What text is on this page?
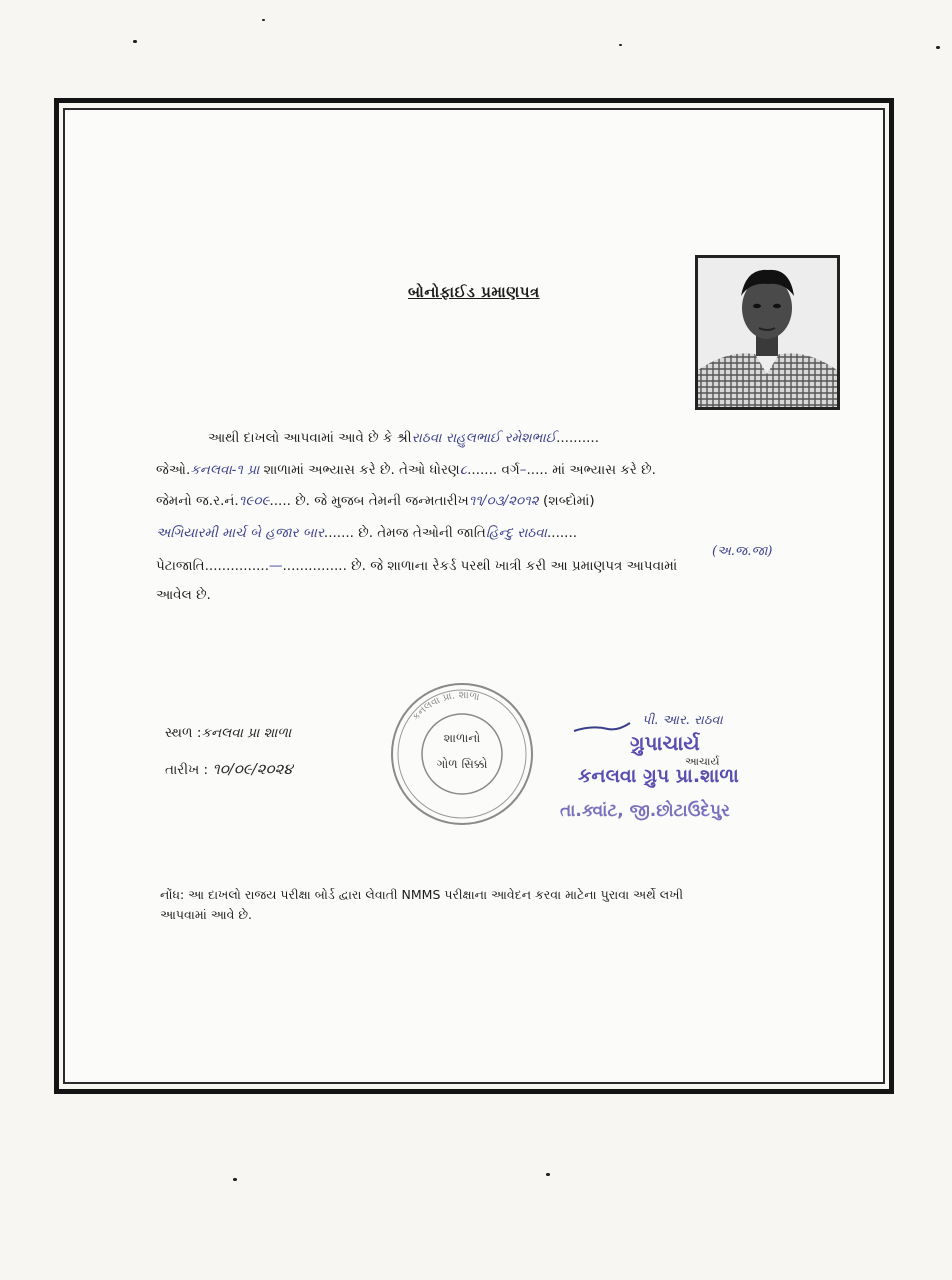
બોનોફાઈડ પ્રમાણપત્ર
આથી દાખલો આપવામાં આવે છે કે શ્રીરાઠવા રાહુલભાઈ રમેશભાઈ..........
જેઓ.કનલવા-૧ પ્રા શાળામાં અભ્યાસ કરે છે. તેઓ ધોરણ૮....... વર્ગ–..... માં અભ્યાસ કરે છે.
જેમનો જ.ર.નં.૧૯૦૯..... છે. જે મુજબ તેમની જન્મતારીખ૧૧/૦૩/૨૦૧૨ (શબ્દોમાં)
અગિયારમી માર્ચ બે હજાર બાર....... છે. તેમજ તેઓની જાતિહિન્દુ રાઠવા.......
(અ.જ.જા)
પેટાજાતિ...............—............... છે. જે શાળાના રેકર્ડ પરથી ખાત્રી કરી આ પ્રમાણપત્ર આપવામાં
આવેલ છે.
સ્થળ :કનલવા પ્રા શાળા
તારીખ : ૧૦/૦૯/૨૦૨૪
કનલવા પ્રા. શાળા
શાળાનો
ગોળ સિક્કો
પી. આર. રાઠવા
ગ્રુપાચાર્ય
આચાર્ય
કનલવા ગ્રુપ પ્રા.શાળા
તા.ક્વાંટ, જી.છોટાઉદેપુર
નોંધ: આ દાખલો રાજય પરીક્ષા બોર્ડ દ્વારા લેવાતી NMMS પરીક્ષાના આવેદન કરવા માટેના પુરાવા અર્થે લખી
આપવામાં આવે છે.
